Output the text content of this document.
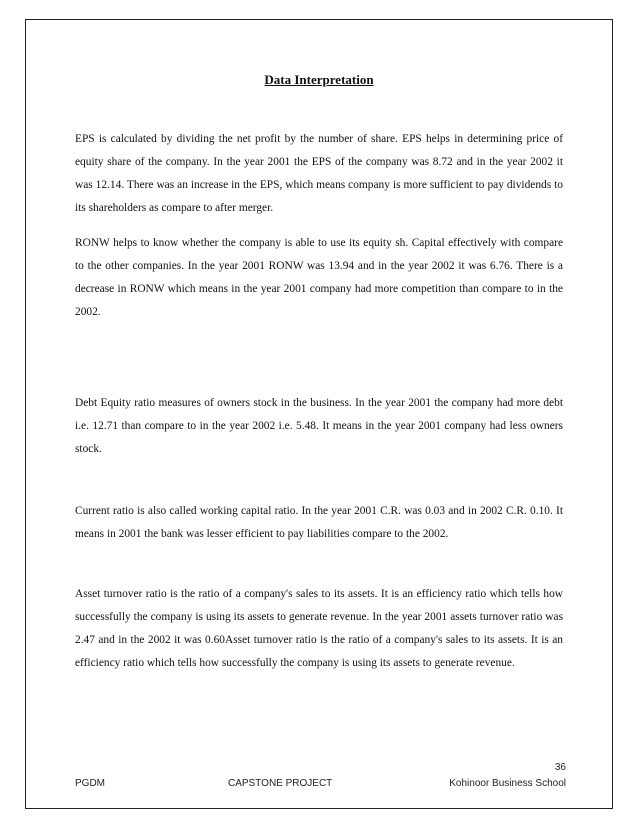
Data Interpretation

EPS is calculated by dividing the net profit by the number of share. EPS helps in determining price of equity share of the company. In the year 2001 the EPS of the company was 8.72 and in the year 2002 it was 12.14. There was an increase in the EPS, which means company is more sufficient to pay dividends to its shareholders as compare to after merger.

RONW helps to know whether the company is able to use its equity sh. Capital effectively with compare to the other companies. In the year 2001 RONW was 13.94 and in the year 2002 it was 6.76. There is a decrease in RONW which means in the year 2001 company had more competition than compare to in the 2002.

Debt Equity ratio measures of owners stock in the business. In the year 2001 the company had more debt i.e. 12.71 than compare to in the year 2002 i.e. 5.48. It means in the year 2001 company had less owners stock.

Current ratio is also called working capital ratio. In the year 2001 C.R. was 0.03 and in 2002 C.R. 0.10. It means in 2001 the bank was lesser efficient to pay liabilities compare to the 2002.

Asset turnover ratio is the ratio of a company's sales to its assets. It is an efficiency ratio which tells how successfully the company is using its assets to generate revenue. In the year 2001 assets turnover ratio was 2.47 and in the 2002 it was 0.60Asset turnover ratio is the ratio of a company's sales to its assets. It is an efficiency ratio which tells how successfully the company is using its assets to generate revenue.

36
PGDM	CAPSTONE PROJECT	Kohinoor Business School
